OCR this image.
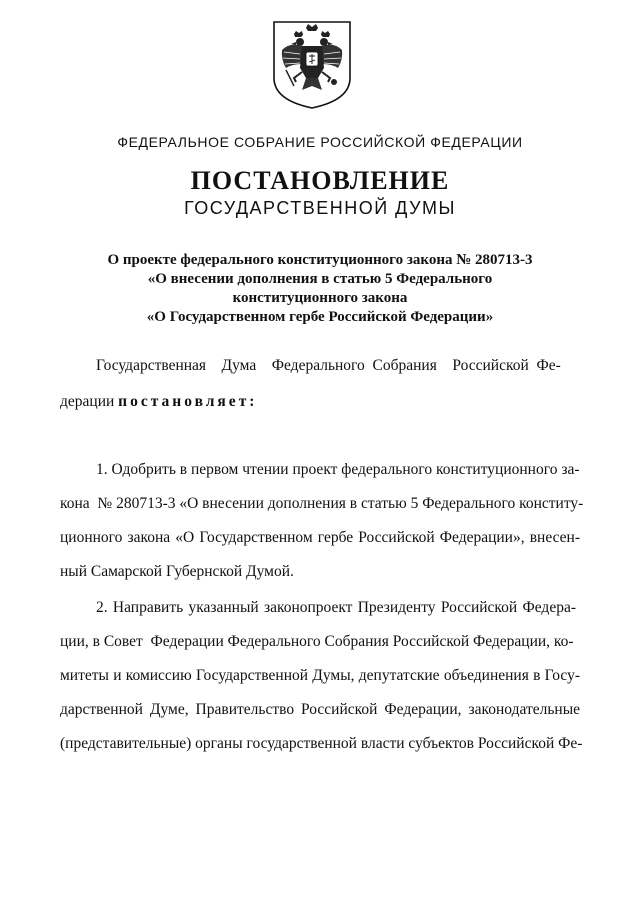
ФЕДЕРАЛЬНОЕ СОБРАНИЕ РОССИЙСКОЙ ФЕДЕРАЦИИ
ПОСТАНОВЛЕНИЕ
ГОСУДАРСТВЕННОЙ ДУМЫ
О проекте федерального конституционного закона № 280713-3
«О внесении дополнения в статью 5 Федерального
конституционного закона
«О Государственном гербе Российской Федерации»
Государственная    Дума    Федерального  Собрания    Российской  Фе-
дерации постановляет:
1. Одобрить в первом чтении проект федерального конституционного за-
кона  № 280713-3 «О внесении дополнения в статью 5 Федерального конститу-
ционного закона «О Государственном гербе Российской Федерации», внесен-
ный Самарской Губернской Думой.
2. Направить указанный законопроект Президенту Российской Федера-
ции, в Совет  Федерации Федерального Собрания Российской Федерации, ко-
митеты и комиссию Государственной Думы, депутатские объединения в Госу-
дарственной Думе, Правительство Российской Федерации, законодательные
(представительные) органы государственной власти субъектов Российской Фе-
